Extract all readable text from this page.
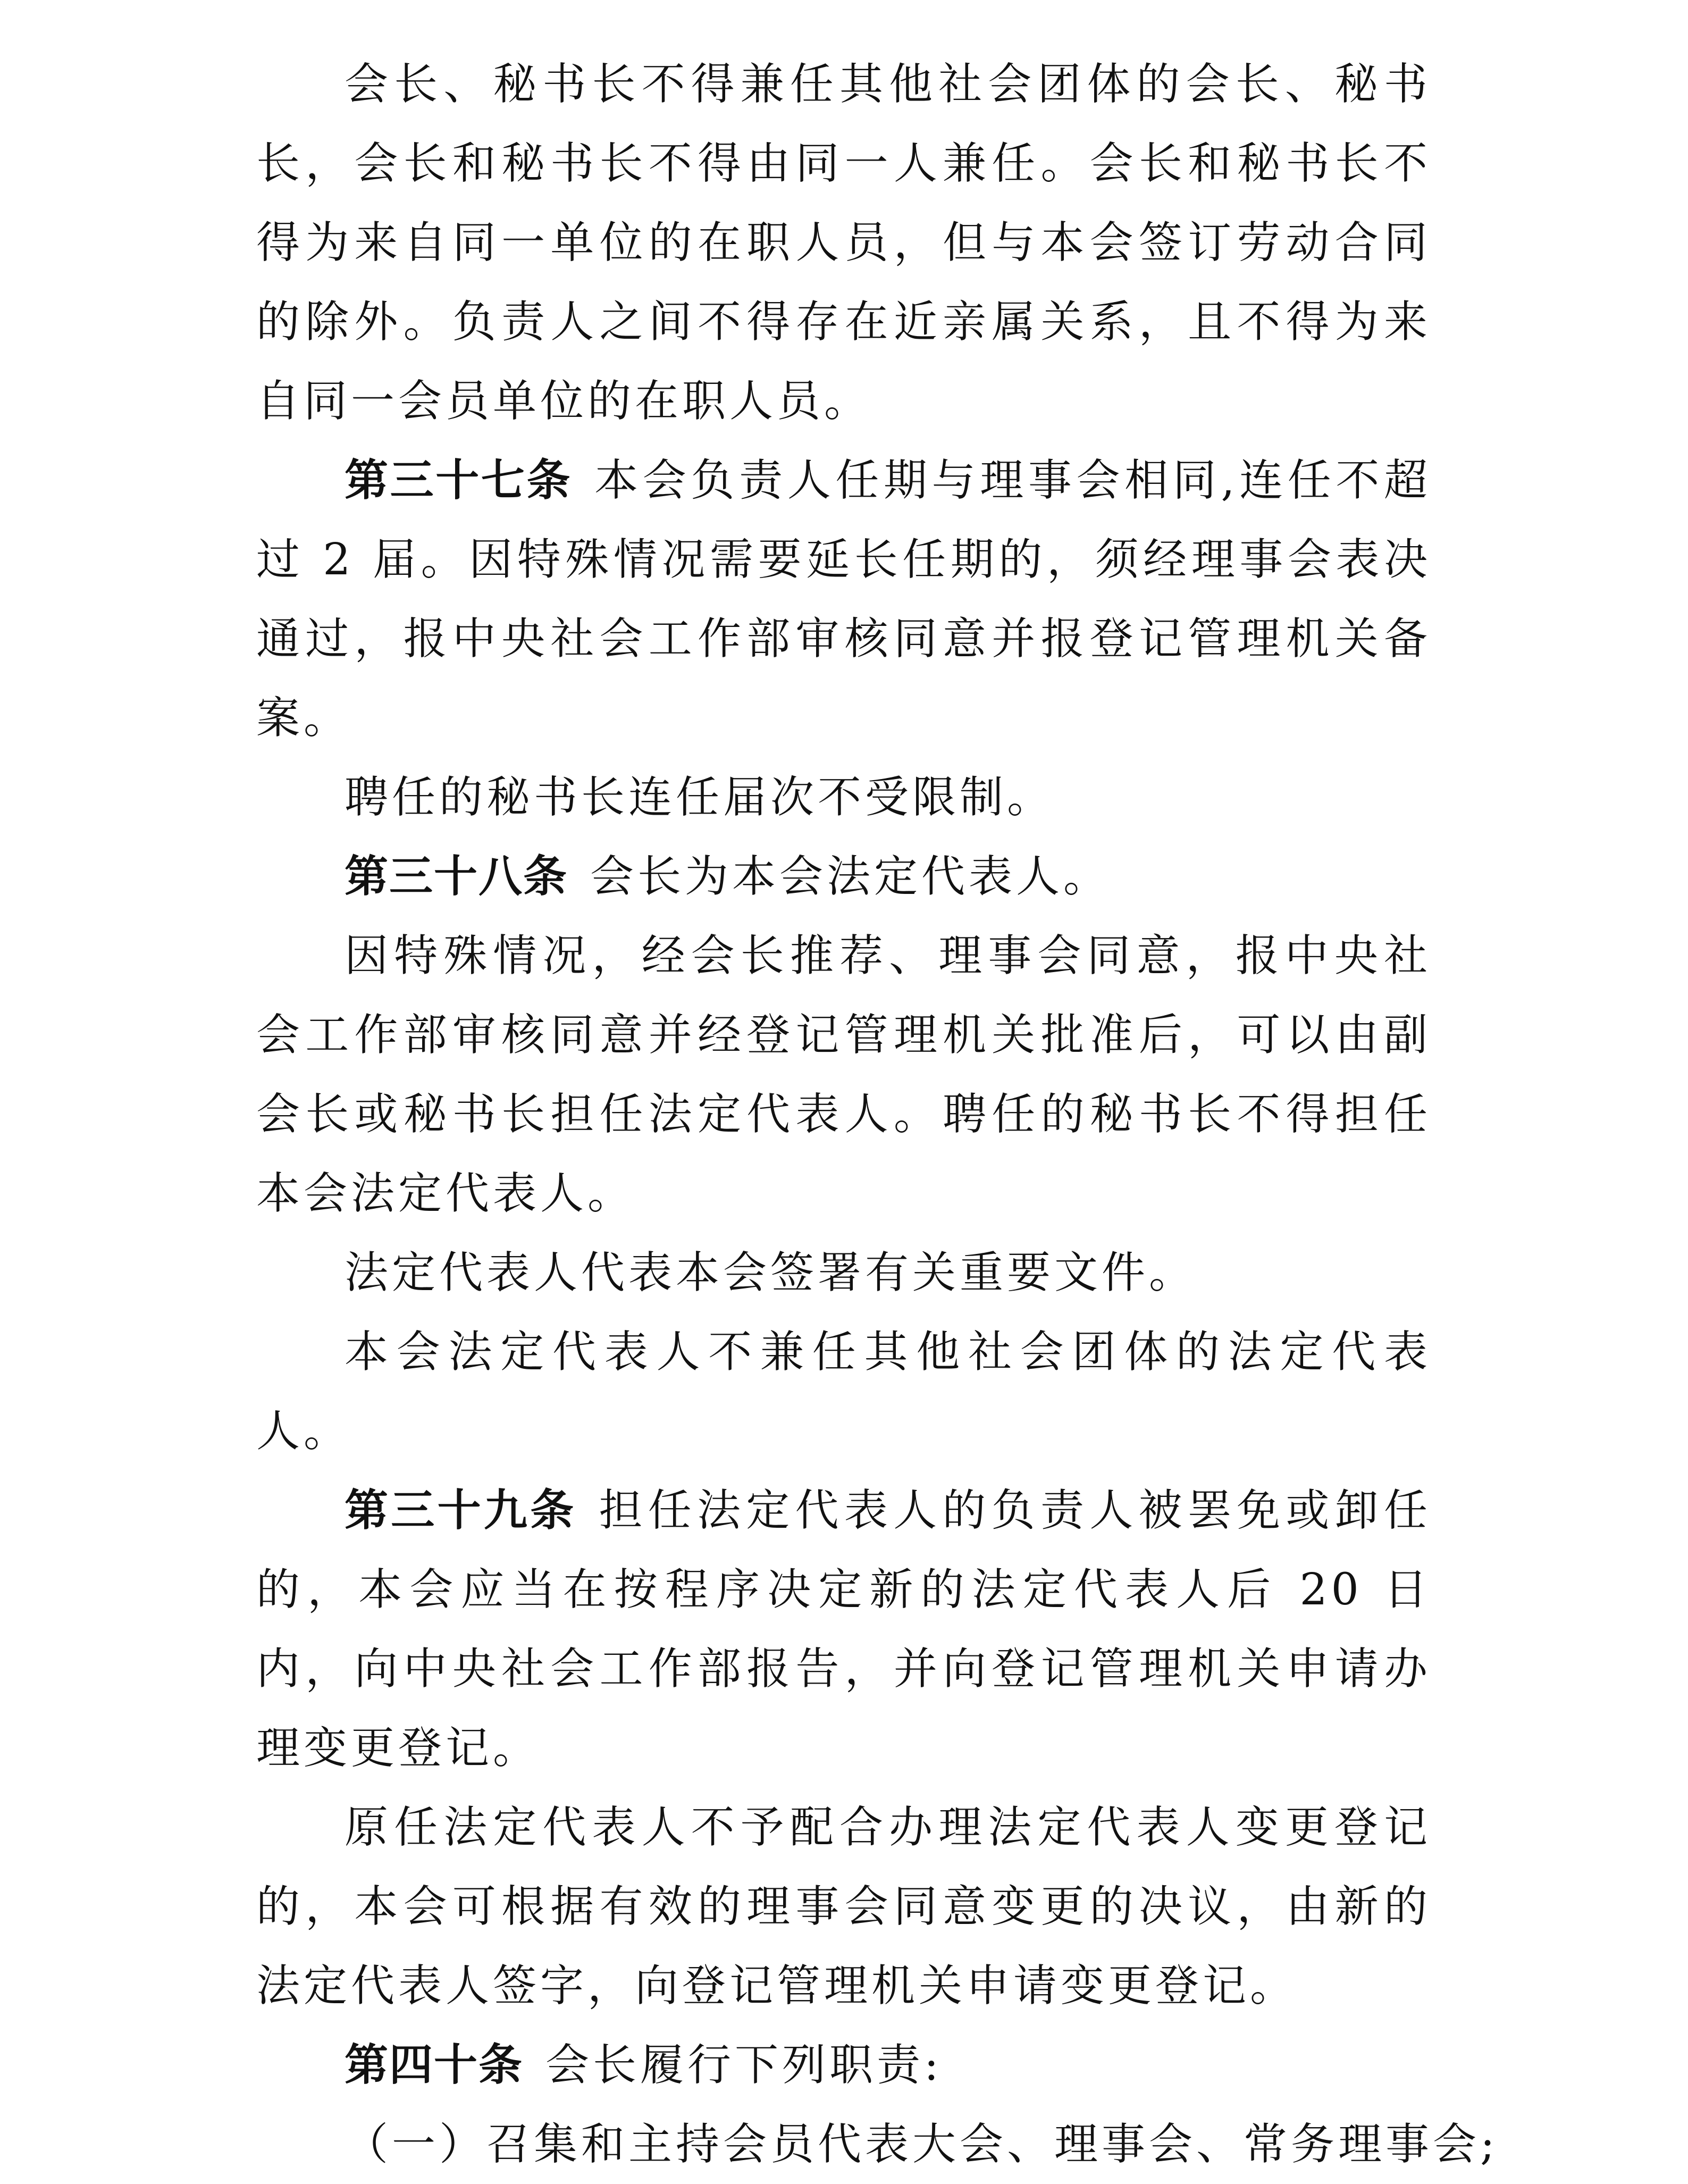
会长、秘书长不得兼任其他社会团体的会长、秘书长，会长和秘书长不得由同一人兼任。会长和秘书长不得为来自同一单位的在职人员，但与本会签订劳动合同的除外。负责人之间不得存在近亲属关系，且不得为来自同一会员单位的在职人员。

第三十七条 本会负责人任期与理事会相同,连任不超过 2 届。因特殊情况需要延长任期的，须经理事会表决通过，报中央社会工作部审核同意并报登记管理机关备案。

聘任的秘书长连任届次不受限制。

第三十八条 会长为本会法定代表人。

因特殊情况，经会长推荐、理事会同意，报中央社会工作部审核同意并经登记管理机关批准后，可以由副会长或秘书长担任法定代表人。聘任的秘书长不得担任本会法定代表人。

法定代表人代表本会签署有关重要文件。

本会法定代表人不兼任其他社会团体的法定代表人。

第三十九条 担任法定代表人的负责人被罢免或卸任的，本会应当在按程序决定新的法定代表人后 20 日内，向中央社会工作部报告，并向登记管理机关申请办理变更登记。

原任法定代表人不予配合办理法定代表人变更登记的，本会可根据有效的理事会同意变更的决议，由新的法定代表人签字，向登记管理机关申请变更登记。

第四十条 会长履行下列职责:

（一）召集和主持会员代表大会、理事会、常务理事会;
